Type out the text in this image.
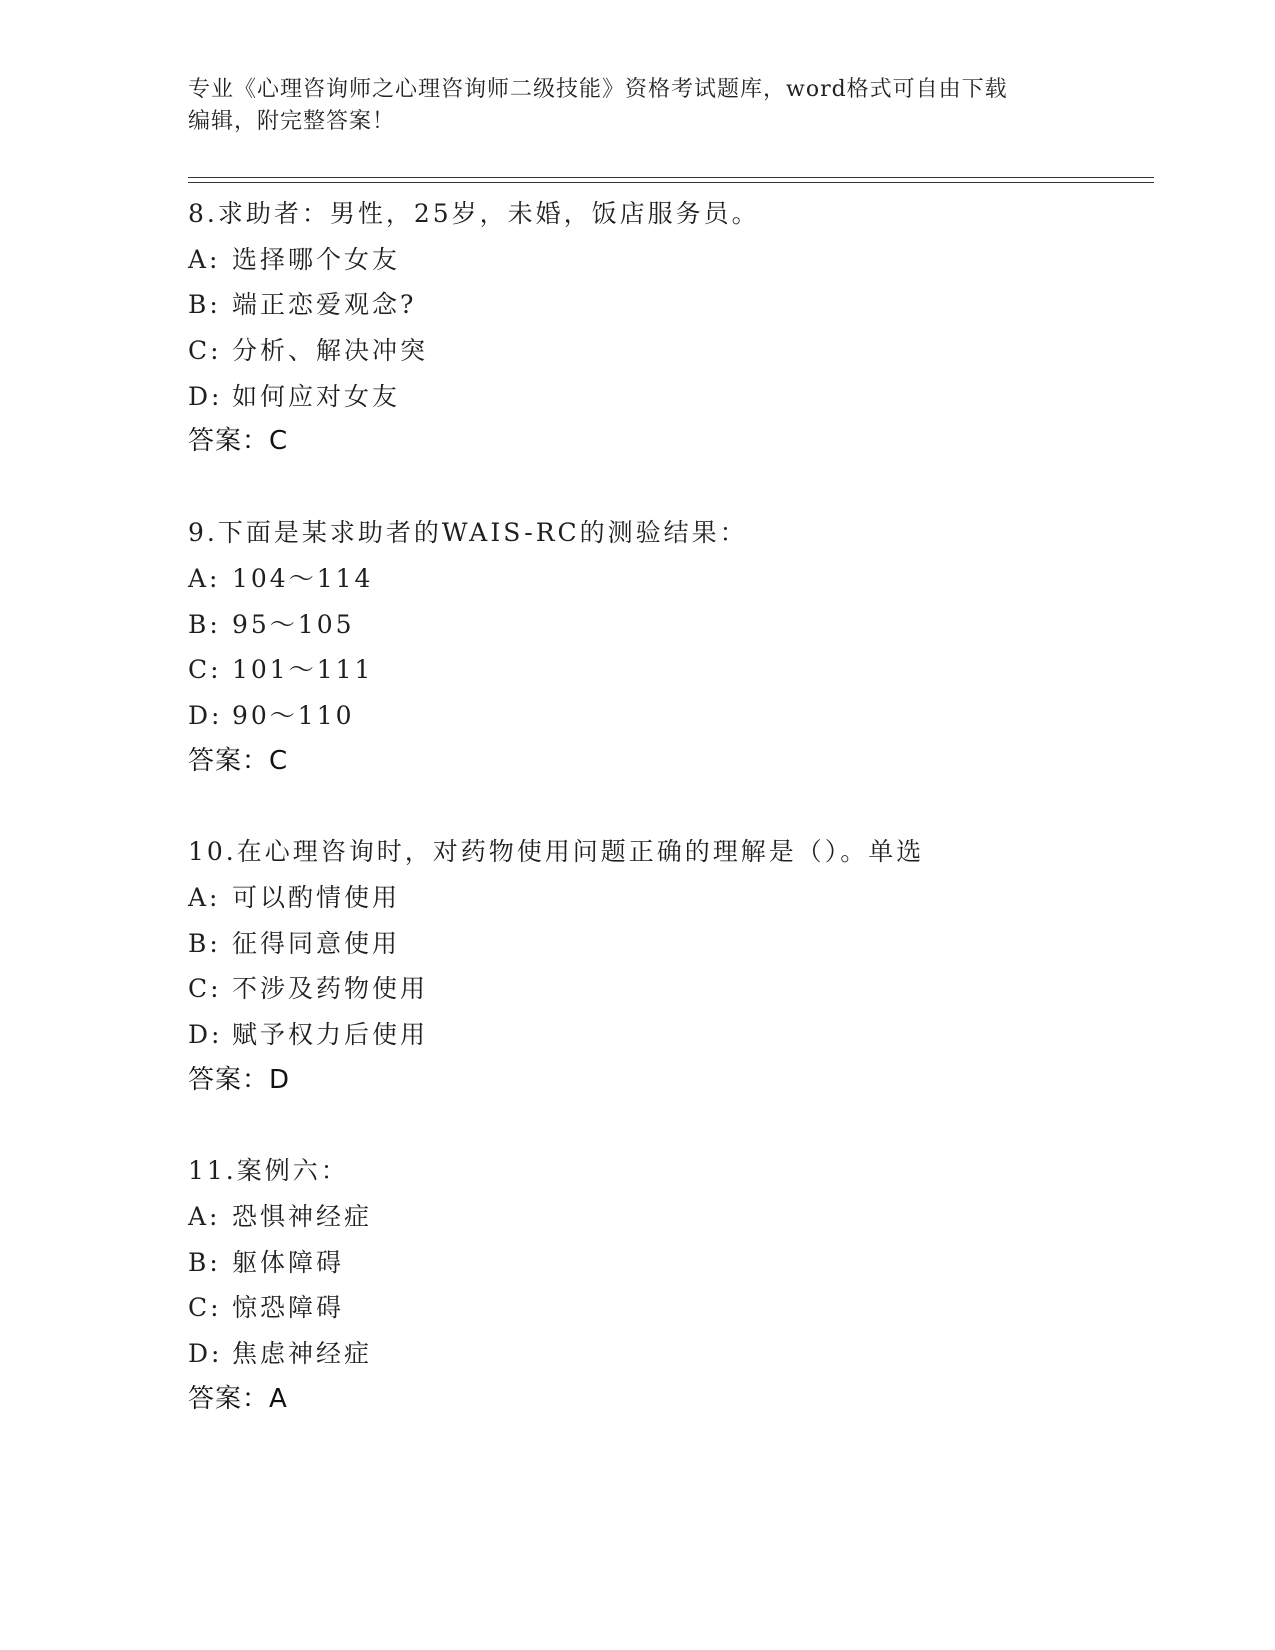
专业《心理咨询师之心理咨询师二级技能》资格考试题库，word格式可自由下载
编辑，附完整答案！
8.求助者：男性，25岁，未婚，饭店服务员。
A: 选择哪个女友
B: 端正恋爱观念?
C: 分析、解决冲突
D: 如何应对女友
答案：C
9.下面是某求助者的WAIS-RC的测验结果：
A: 104～114
B: 95～105
C: 101～111
D: 90～110
答案：C
10.在心理咨询时，对药物使用问题正确的理解是（）。单选
A: 可以酌情使用
B: 征得同意使用
C: 不涉及药物使用
D: 赋予权力后使用
答案：D
11.案例六：
A: 恐惧神经症
B: 躯体障碍
C: 惊恐障碍
D: 焦虑神经症
答案：A
